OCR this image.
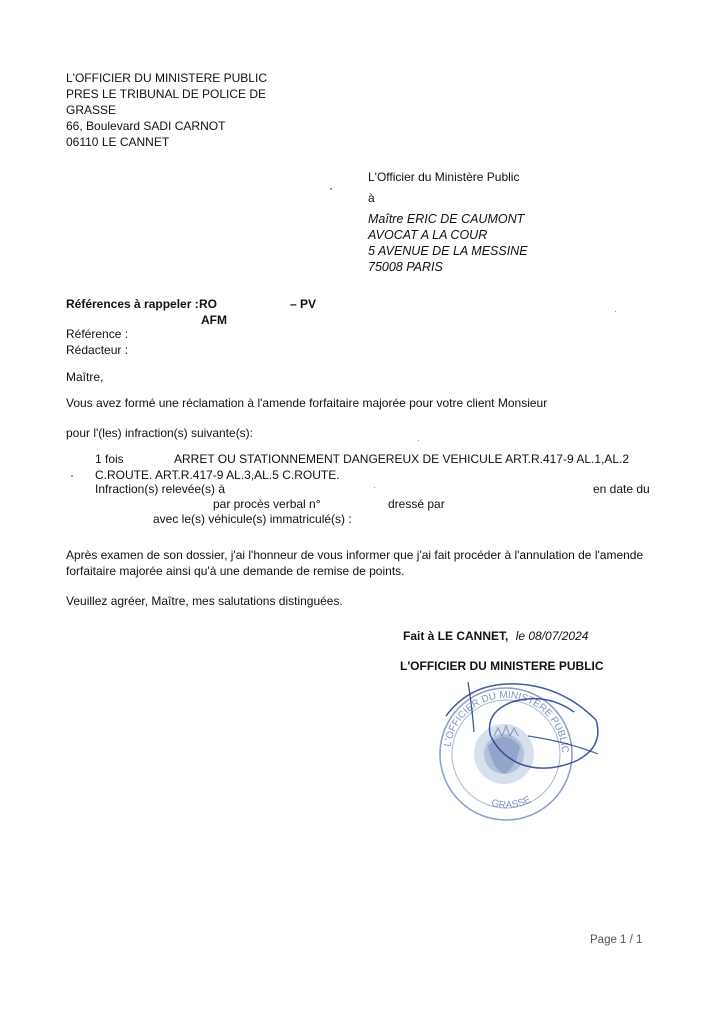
L'OFFICIER DU MINISTERE PUBLIC
PRES LE TRIBUNAL DE POLICE DE
GRASSE
66, Boulevard SADI CARNOT
06110 LE CANNET
L'Officier du Ministère Public
à
Maître ERIC DE CAUMONT
AVOCAT A LA COUR
5 AVENUE DE LA MESSINE
75008 PARIS
Références à rappeler : RO	– PV
AFM
Référence :
Rédacteur :
Maître,
Vous avez formé une réclamation à l'amende forfaitaire majorée pour votre client Monsieur
pour l'(les) infraction(s) suivante(s):
1 fois	ARRET OU STATIONNEMENT DANGEREUX DE VEHICULE ART.R.417-9 AL.1,AL.2
C.ROUTE. ART.R.417-9 AL.3,AL.5 C.ROUTE.
Infraction(s) relevée(s) à	en date du
par procès verbal n°	dressé par
avec le(s) véhicule(s) immatriculé(s) :
Après examen de son dossier, j'ai l'honneur de vous informer que j'ai fait procéder à l'annulation de l'amende
forfaitaire majorée ainsi qu'à une demande de remise de points.
Veuillez agréer, Maître, mes salutations distinguées.
Fait à LE CANNET, le 08/07/2024
L'OFFICIER DU MINISTERE PUBLIC
L'OFFICIER DU MINISTERE PUBLIC
GRASSE
Page 1 / 1
